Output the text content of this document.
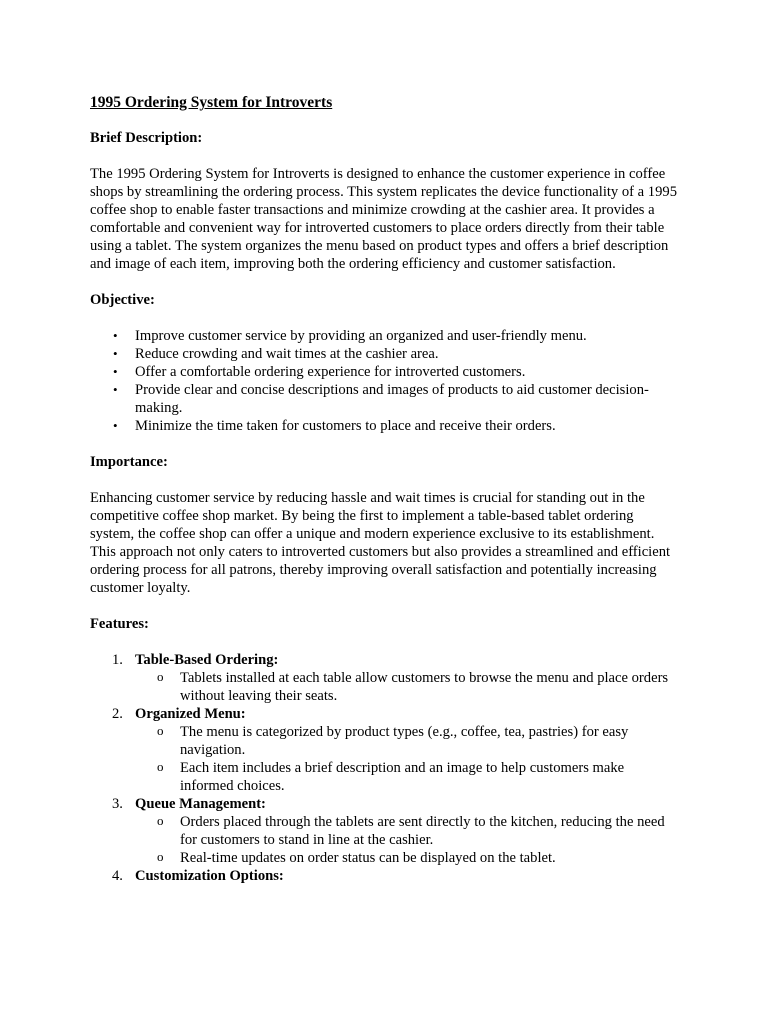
1995 Ordering System for Introverts
Brief Description:

The 1995 Ordering System for Introverts is designed to enhance the customer experience in coffee shops by streamlining the ordering process. This system replicates the device functionality of a 1995 coffee shop to enable faster transactions and minimize crowding at the cashier area. It provides a comfortable and convenient way for introverted customers to place orders directly from their table using a tablet. The system organizes the menu based on product types and offers a brief description and image of each item, improving both the ordering efficiency and customer satisfaction.

Objective:
• Improve customer service by providing an organized and user-friendly menu.
• Reduce crowding and wait times at the cashier area.
• Offer a comfortable ordering experience for introverted customers.
• Provide clear and concise descriptions and images of products to aid customer decision-making.
• Minimize the time taken for customers to place and receive their orders.
Importance:

Enhancing customer service by reducing hassle and wait times is crucial for standing out in the competitive coffee shop market. By being the first to implement a table-based tablet ordering system, the coffee shop can offer a unique and modern experience exclusive to its establishment. This approach not only caters to introverted customers but also provides a streamlined and efficient ordering process for all patrons, thereby improving overall satisfaction and potentially increasing customer loyalty.

Features:
1. Table-Based Ordering:
o Tablets installed at each table allow customers to browse the menu and place orders without leaving their seats.
2. Organized Menu:
o The menu is categorized by product types (e.g., coffee, tea, pastries) for easy navigation.
o Each item includes a brief description and an image to help customers make informed choices.
3. Queue Management:
o Orders placed through the tablets are sent directly to the kitchen, reducing the need for customers to stand in line at the cashier.
o Real-time updates on order status can be displayed on the tablet.
4. Customization Options:
